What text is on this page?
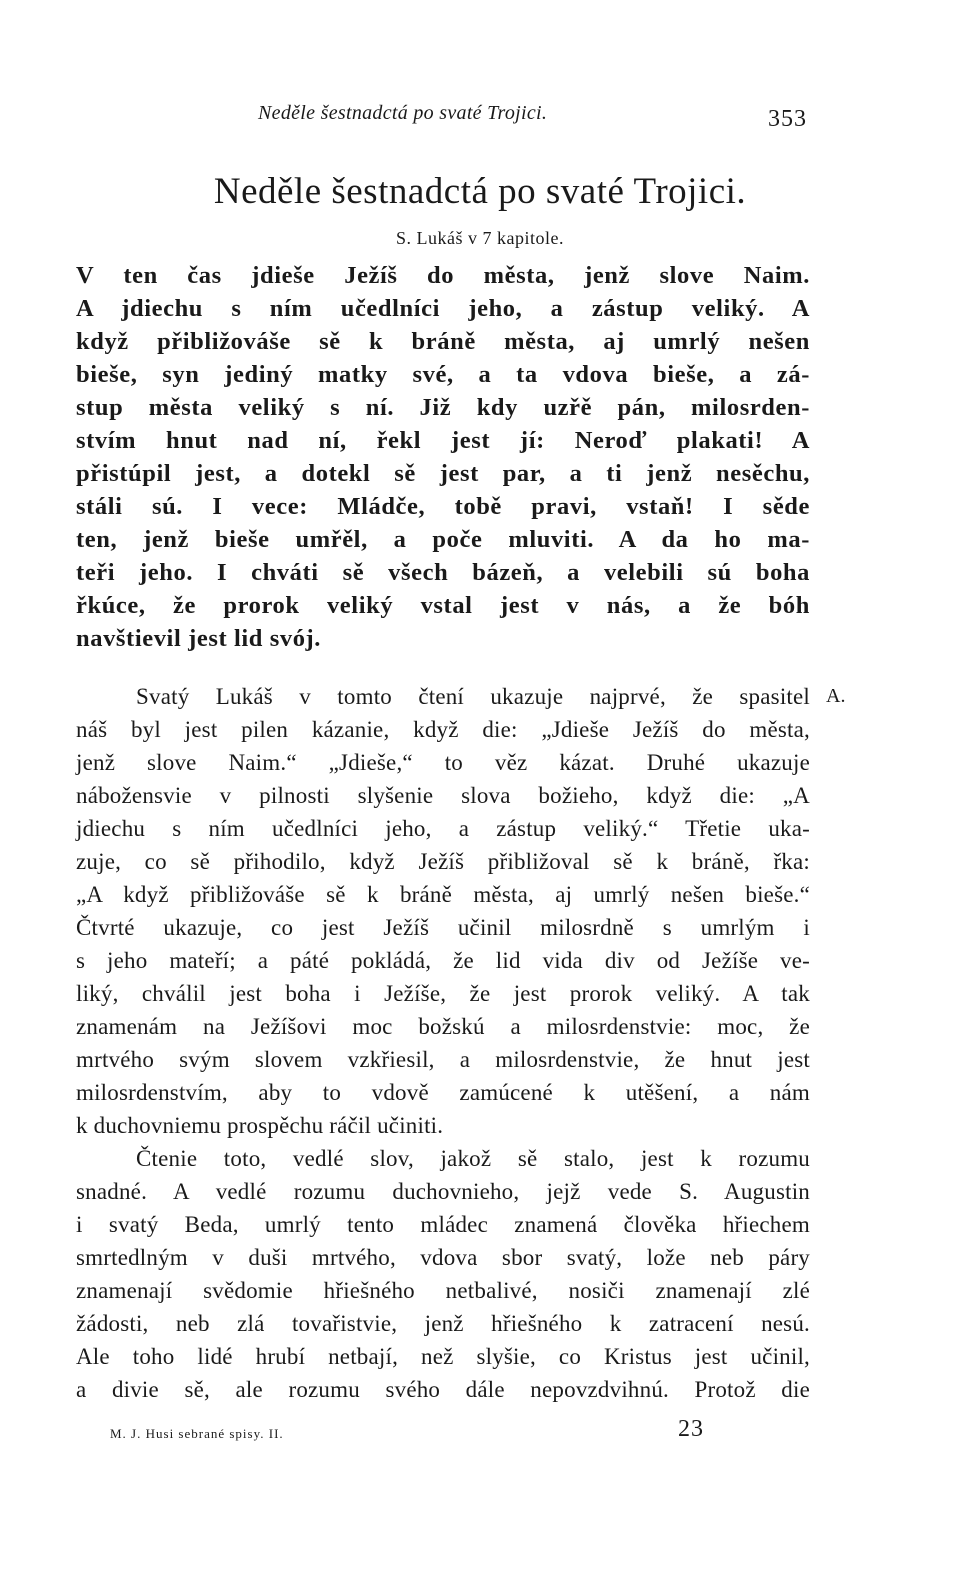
Neděle šestnadctá po svaté Trojici.	353
Neděle šestnadctá po svaté Trojici.
S. Lukáš v 7 kapitole.
V ten čas jdieše Ježíš do města, jenž slove Naim.
A jdiechu s ním učedlníci jeho, a zástup veliký. A
když přibližováše sě k bráně města, aj umrlý nešen
bieše, syn jediný matky své, a ta vdova bieše, a zá-
stup města veliký s ní. Již kdy uzřě pán, milosrden-
stvím hnut nad ní, řekl jest jí: Neroď plakati! A
přistúpil jest, a dotekl sě jest par, a ti jenž nesěchu,
stáli sú. I vece: Mládče, tobě pravi, vstaň! I sěde
ten, jenž bieše umřěl, a poče mluviti. A da ho ma-
teři jeho. I chváti sě všech bázeň, a velebili sú boha
řkúce, že prorok veliký vstal jest v nás, a že bóh
navštievil jest lid svój.
A.
Svatý Lukáš v tomto čtení ukazuje najprvé, že spasitel
náš byl jest pilen kázanie, když die: „Jdieše Ježíš do města,
jenž slove Naim.“ „Jdieše,“ to věz kázat. Druhé ukazuje
nábožensvie v pilnosti slyšenie slova božieho, když die: „A
jdiechu s ním učedlníci jeho, a zástup veliký.“ Třetie uka-
zuje, co sě přihodilo, když Ježíš přibližoval sě k bráně, řka:
„A když přibližováše sě k bráně města, aj umrlý nešen bieše.“
Čtvrté ukazuje, co jest Ježíš učinil milosrdně s umrlým i
s jeho mateří; a páté pokládá, že lid vida div od Ježíše ve-
liký, chválil jest boha i Ježíše, že jest prorok veliký. A tak
znamenám na Ježíšovi moc božskú a milosrdenstvie: moc, že
mrtvého svým slovem vzkřiesil, a milosrdenstvie, že hnut jest
milosrdenstvím, aby to vdově zamúcené k utěšení, a nám
k duchovniemu prospěchu ráčil učiniti.
Čtenie toto, vedlé slov, jakož sě stalo, jest k rozumu
snadné. A vedlé rozumu duchovnieho, jejž vede S. Augustin
i svatý Beda, umrlý tento mládec znamená člověka hřiechem
smrtedlným v duši mrtvého, vdova sbor svatý, lože neb páry
znamenají svědomie hřiešného netbalivé, nosiči znamenají zlé
žádosti, neb zlá tovařistvie, jenž hřiešného k zatracení nesú.
Ale toho lidé hrubí netbají, než slyšie, co Kristus jest učinil,
a divie sě, ale rozumu svého dále nepovzdvihnú. Protož die
M. J. Husi sebrané spisy. II.	23
